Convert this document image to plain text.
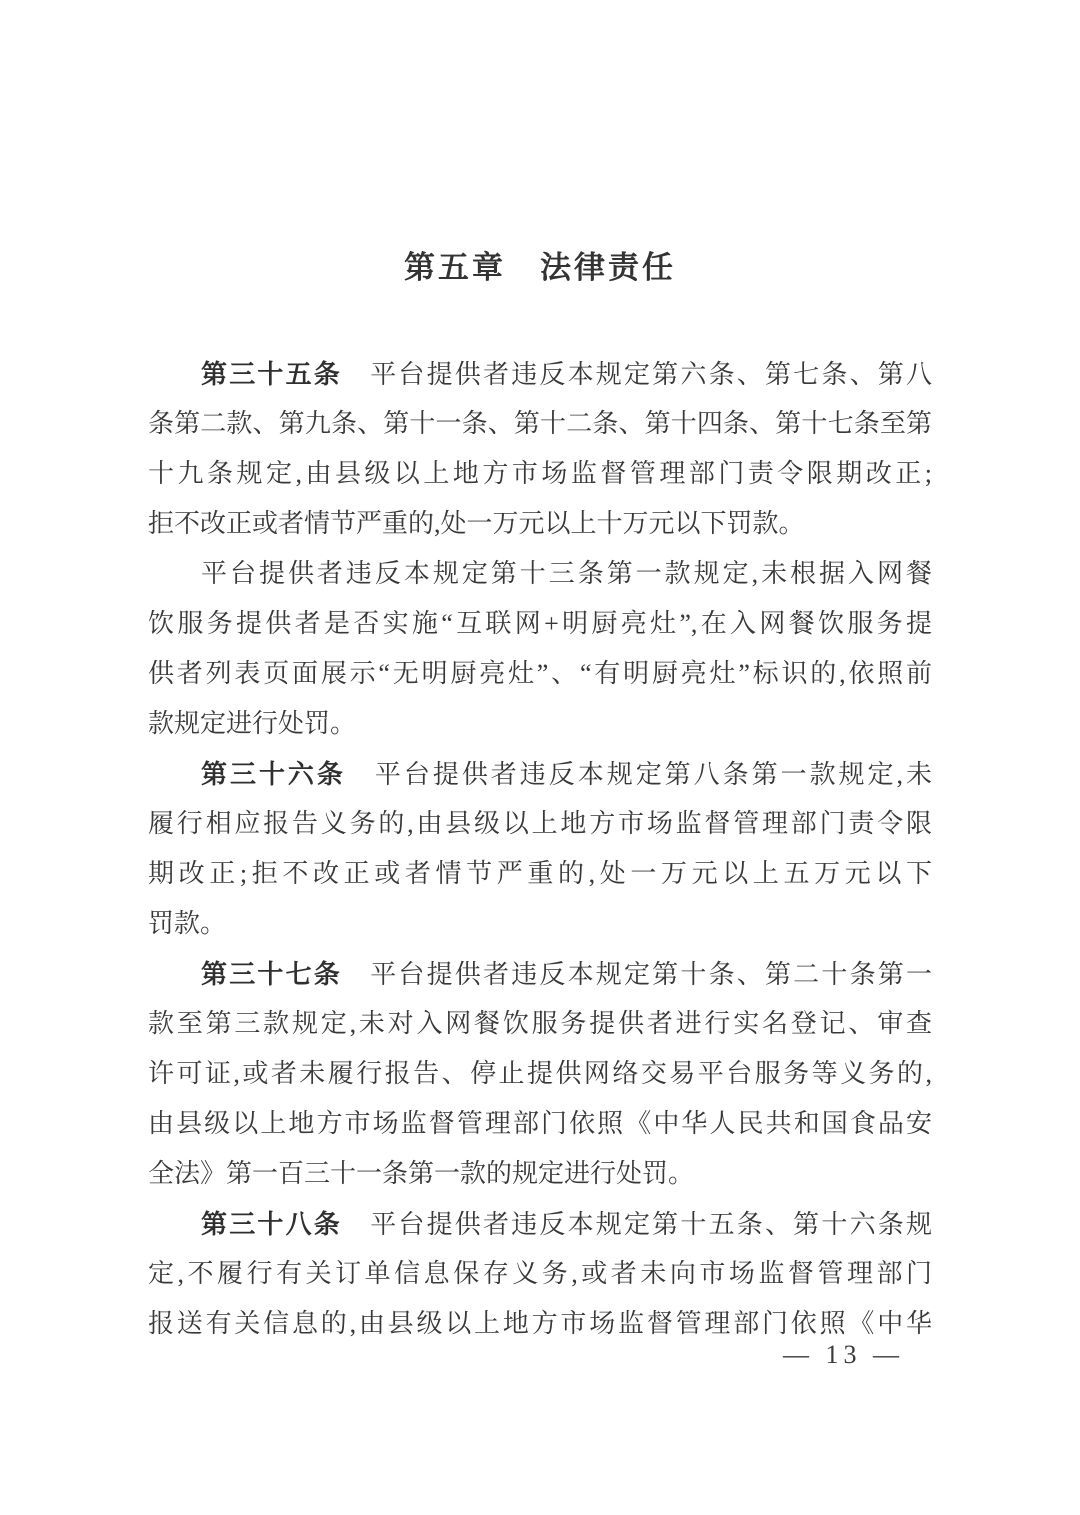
第五章　法律责任
第三十五条　平台提供者违反本规定第六条、第七条、第八
条第二款、第九条、第十一条、第十二条、第十四条、第十七条至第
十九条规定,由县级以上地方市场监督管理部门责令限期改正;
拒不改正或者情节严重的,处一万元以上十万元以下罚款。
平台提供者违反本规定第十三条第一款规定,未根据入网餐
饮服务提供者是否实施“互联网+明厨亮灶”,在入网餐饮服务提
供者列表页面展示“无明厨亮灶”、“有明厨亮灶”标识的,依照前
款规定进行处罚。
第三十六条　平台提供者违反本规定第八条第一款规定,未
履行相应报告义务的,由县级以上地方市场监督管理部门责令限
期改正;拒不改正或者情节严重的,处一万元以上五万元以下
罚款。
第三十七条　平台提供者违反本规定第十条、第二十条第一
款至第三款规定,未对入网餐饮服务提供者进行实名登记、审查
许可证,或者未履行报告、停止提供网络交易平台服务等义务的,
由县级以上地方市场监督管理部门依照《中华人民共和国食品安
全法》第一百三十一条第一款的规定进行处罚。
第三十八条　平台提供者违反本规定第十五条、第十六条规
定,不履行有关订单信息保存义务,或者未向市场监督管理部门
报送有关信息的,由县级以上地方市场监督管理部门依照《中华
— 13 —
